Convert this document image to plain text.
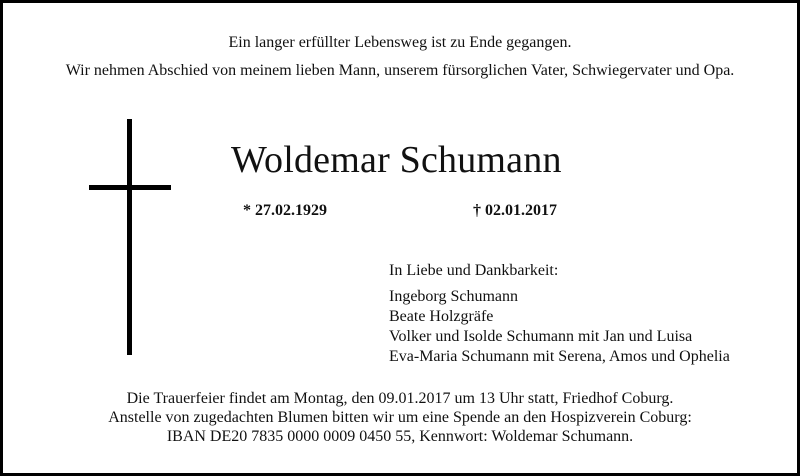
Ein langer erfüllter Lebensweg ist zu Ende gegangen.
Wir nehmen Abschied von meinem lieben Mann, unserem fürsorglichen Vater, Schwiegervater und Opa.
Woldemar Schumann
* 27.02.1929	† 02.01.2017
In Liebe und Dankbarkeit:
Ingeborg Schumann
Beate Holzgräfe
Volker und Isolde Schumann mit Jan und Luisa
Eva-Maria Schumann mit Serena, Amos und Ophelia
Die Trauerfeier findet am Montag, den 09.01.2017 um 13 Uhr statt, Friedhof Coburg.
Anstelle von zugedachten Blumen bitten wir um eine Spende an den Hospizverein Coburg:
IBAN DE20 7835 0000 0009 0450 55, Kennwort: Woldemar Schumann.
